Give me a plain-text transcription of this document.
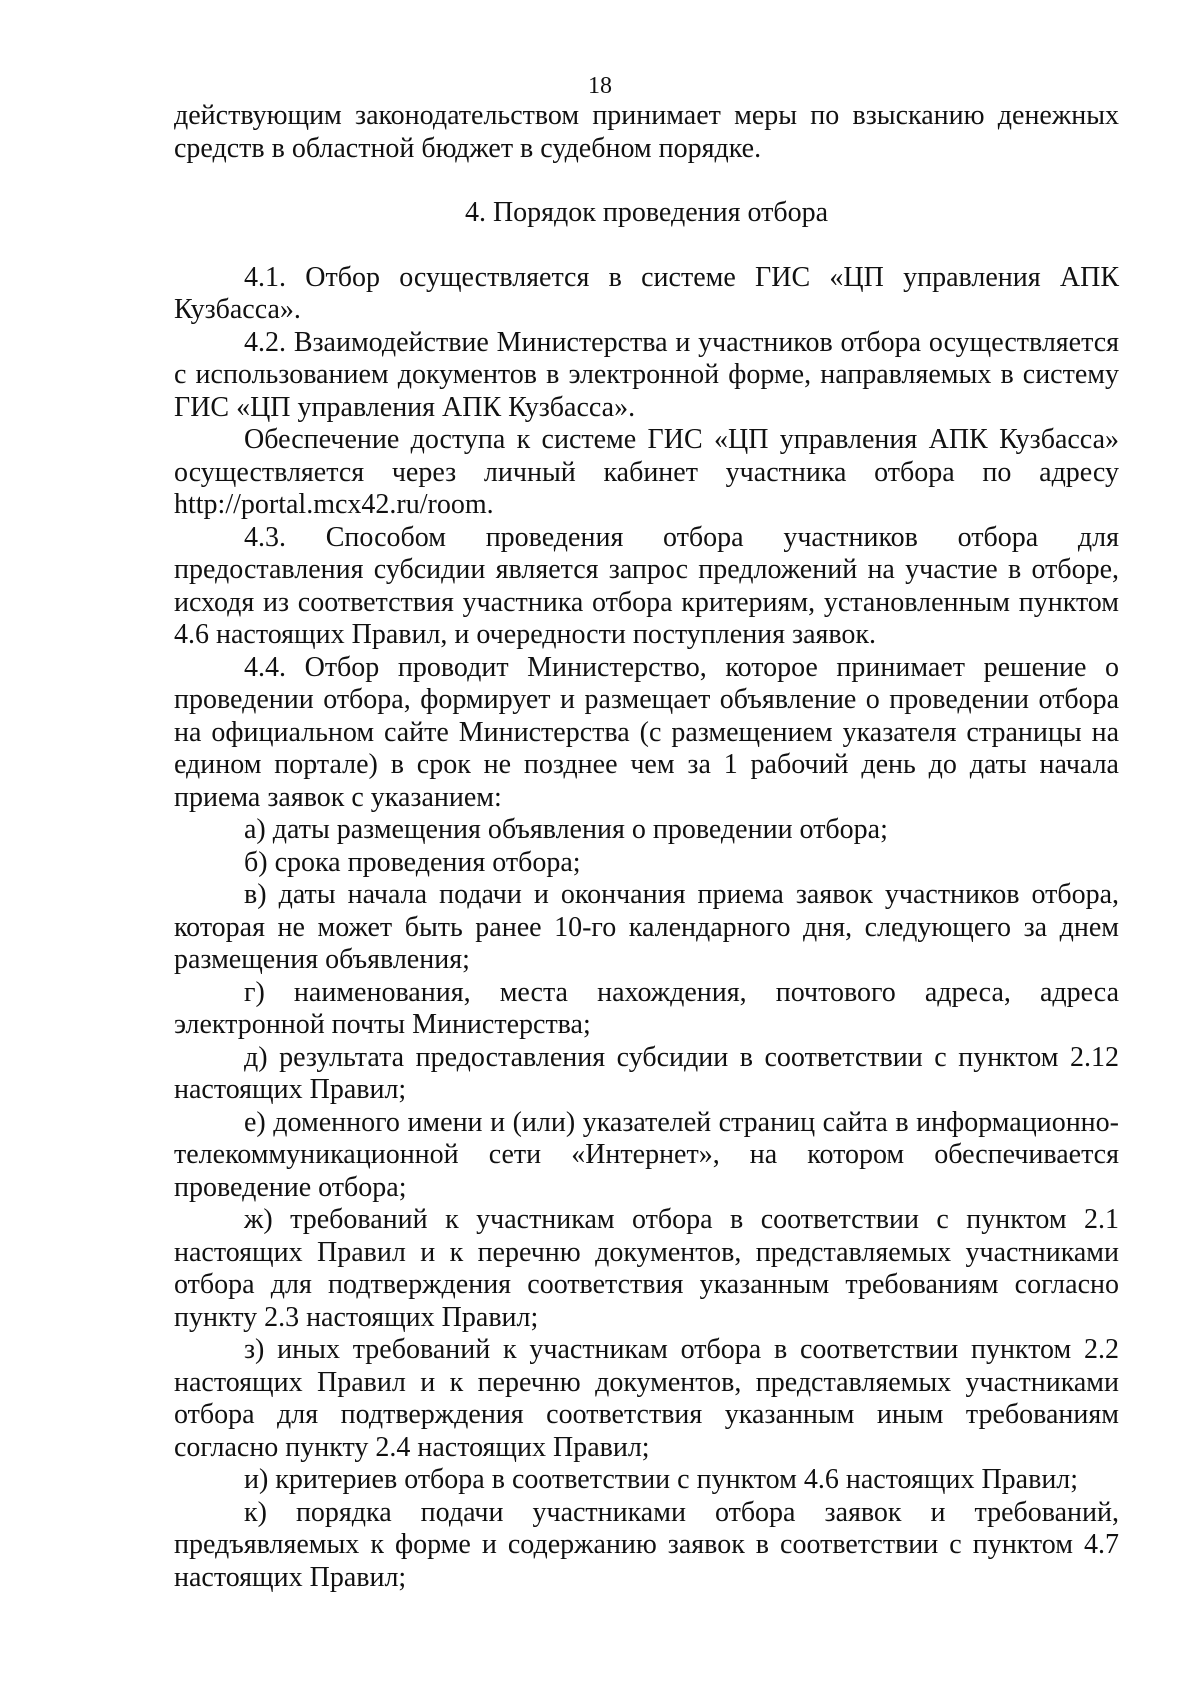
18

действующим законодательством принимает меры по взысканию денежных средств в областной бюджет в судебном порядке.

4. Порядок проведения отбора

4.1. Отбор осуществляется в системе ГИС «ЦП управления АПК Кузбасса».

4.2. Взаимодействие Министерства и участников отбора осуществляется с использованием документов в электронной форме, направляемых в систему ГИС «ЦП управления АПК Кузбасса».

Обеспечение доступа к системе ГИС «ЦП управления АПК Кузбасса» осуществляется через личный кабинет участника отбора по адресу http://portal.mcx42.ru/room.

4.3. Способом проведения отбора участников отбора для предоставления субсидии является запрос предложений на участие в отборе, исходя из соответствия участника отбора критериям, установленным пунктом 4.6 настоящих Правил, и очередности поступления заявок.

4.4. Отбор проводит Министерство, которое принимает решение о проведении отбора, формирует и размещает объявление о проведении отбора на официальном сайте Министерства (с размещением указателя страницы на едином портале) в срок не позднее чем за 1 рабочий день до даты начала приема заявок с указанием:

а) даты размещения объявления о проведении отбора;

б) срока проведения отбора;

в) даты начала подачи и окончания приема заявок участников отбора, которая не может быть ранее 10-го календарного дня, следующего за днем размещения объявления;

г) наименования, места нахождения, почтового адреса, адреса электронной почты Министерства;

д) результата предоставления субсидии в соответствии с пунктом 2.12 настоящих Правил;

е) доменного имени и (или) указателей страниц сайта в информационно-телекоммуникационной сети «Интернет», на котором обеспечивается проведение отбора;

ж) требований к участникам отбора в соответствии с пунктом 2.1 настоящих Правил и к перечню документов, представляемых участниками отбора для подтверждения соответствия указанным требованиям согласно пункту 2.3 настоящих Правил;

з) иных требований к участникам отбора в соответствии пунктом 2.2 настоящих Правил и к перечню документов, представляемых участниками отбора для подтверждения соответствия указанным иным требованиям согласно пункту 2.4 настоящих Правил;

и) критериев отбора в соответствии с пунктом 4.6 настоящих Правил;

к) порядка подачи участниками отбора заявок и требований, предъявляемых к форме и содержанию заявок в соответствии с пунктом 4.7 настоящих Правил;
